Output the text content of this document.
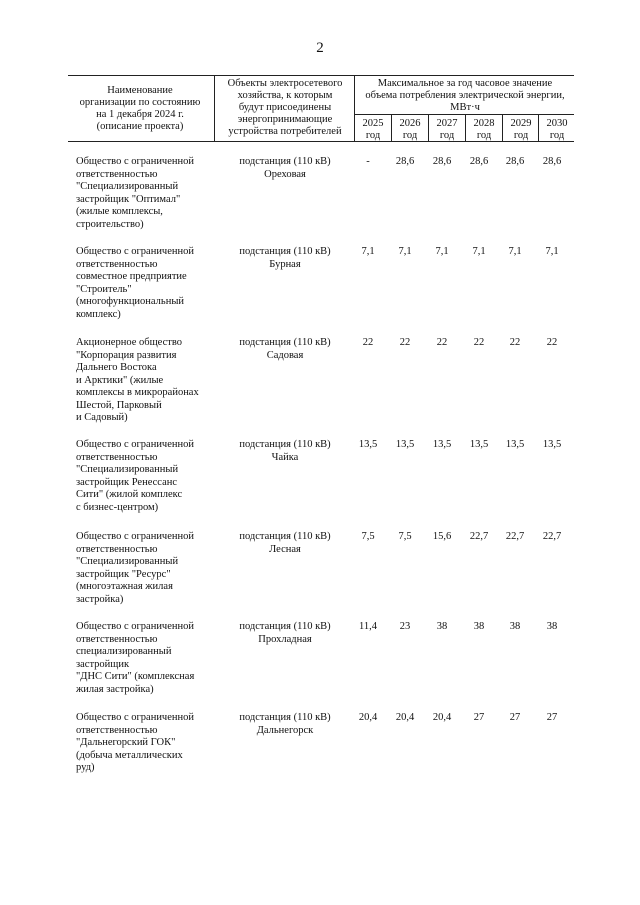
2
Наименование
организации по состоянию
на 1 декабря 2024 г.
(описание проекта)
Объекты электросетевого
хозяйства, к которым
будут присоединены
энергопринимающие
устройства потребителей
Максимальное за год часовое значение
объема потребления электрической энергии,
МВт·ч
2025
год
2026
год
2027
год
2028
год
2029
год
2030
год
Общество с ограниченной
ответственностью
"Специализированный
застройщик "Оптимал"
(жилые комплексы,
строительство)
подстанция (110 кВ)
Ореховая
-	28,6	28,6	28,6	28,6	28,6
Общество с ограниченной
ответственностью
совместное предприятие
"Строитель"
(многофункциональный
комплекс)
подстанция (110 кВ)
Бурная
7,1	7,1	7,1	7,1	7,1	7,1
Акционерное общество
"Корпорация развития
Дальнего Востока
и Арктики" (жилые
комплексы в микрорайонах
Шестой, Парковый
и Садовый)
подстанция (110 кВ)
Садовая
22	22	22	22	22	22
Общество с ограниченной
ответственностью
"Специализированный
застройщик Ренессанс
Сити" (жилой комплекс
с бизнес-центром)
подстанция (110 кВ)
Чайка
13,5	13,5	13,5	13,5	13,5	13,5
Общество с ограниченной
ответственностью
"Специализированный
застройщик "Ресурс"
(многоэтажная жилая
застройка)
подстанция (110 кВ)
Лесная
7,5	7,5	15,6	22,7	22,7	22,7
Общество с ограниченной
ответственностью
специализированный
застройщик
"ДНС Сити" (комплексная
жилая застройка)
подстанция (110 кВ)
Прохладная
11,4	23	38	38	38	38
Общество с ограниченной
ответственностью
"Дальнегорский ГОК"
(добыча металлических
руд)
подстанция (110 кВ)
Дальнегорск
20,4	20,4	20,4	27	27	27
